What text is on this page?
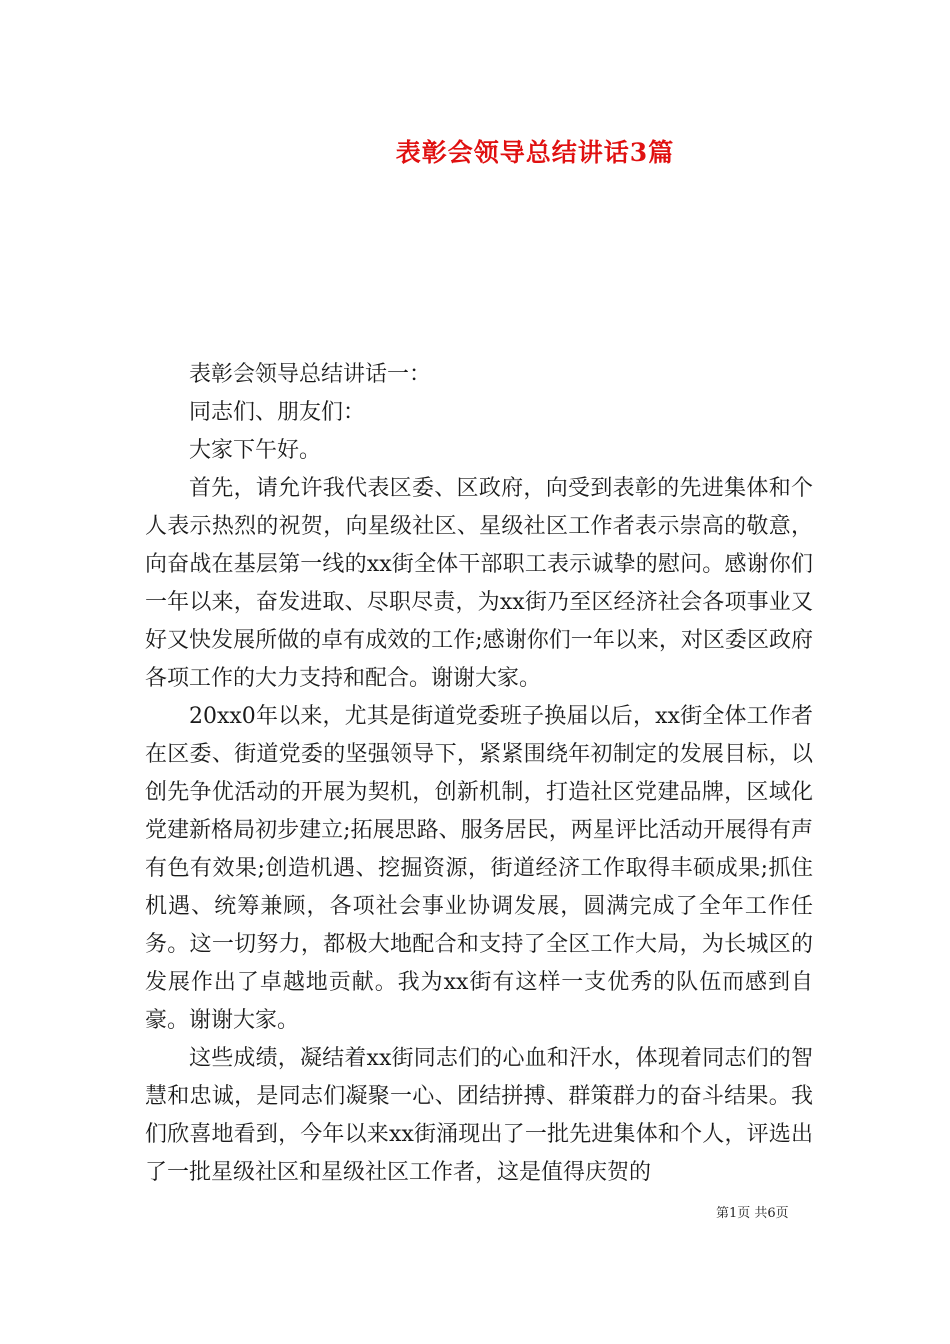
表彰会领导总结讲话3篇

表彰会领导总结讲话一：

同志们、朋友们：

大家下午好。

首先，请允许我代表区委、区政府，向受到表彰的先进集体和个人表示热烈的祝贺，向星级社区、星级社区工作者表示崇高的敬意，向奋战在基层第一线的xx街全体干部职工表示诚挚的慰问。感谢你们一年以来，奋发进取、尽职尽责，为xx街乃至区经济社会各项事业又好又快发展所做的卓有成效的工作;感谢你们一年以来，对区委区政府各项工作的大力支持和配合。谢谢大家。

20xx0年以来，尤其是街道党委班子换届以后，xx街全体工作者在区委、街道党委的坚强领导下，紧紧围绕年初制定的发展目标，以创先争优活动的开展为契机，创新机制，打造社区党建品牌，区域化党建新格局初步建立;拓展思路、服务居民，两星评比活动开展得有声有色有效果;创造机遇、挖掘资源，街道经济工作取得丰硕成果;抓住机遇、统筹兼顾，各项社会事业协调发展，圆满完成了全年工作任务。这一切努力，都极大地配合和支持了全区工作大局，为长城区的发展作出了卓越地贡献。我为xx街有这样一支优秀的队伍而感到自豪。谢谢大家。

这些成绩，凝结着xx街同志们的心血和汗水，体现着同志们的智慧和忠诚，是同志们凝聚一心、团结拼搏、群策群力的奋斗结果。我们欣喜地看到，今年以来xx街涌现出了一批先进集体和个人，评选出了一批星级社区和星级社区工作者，这是值得庆贺的

第1页 共6页
